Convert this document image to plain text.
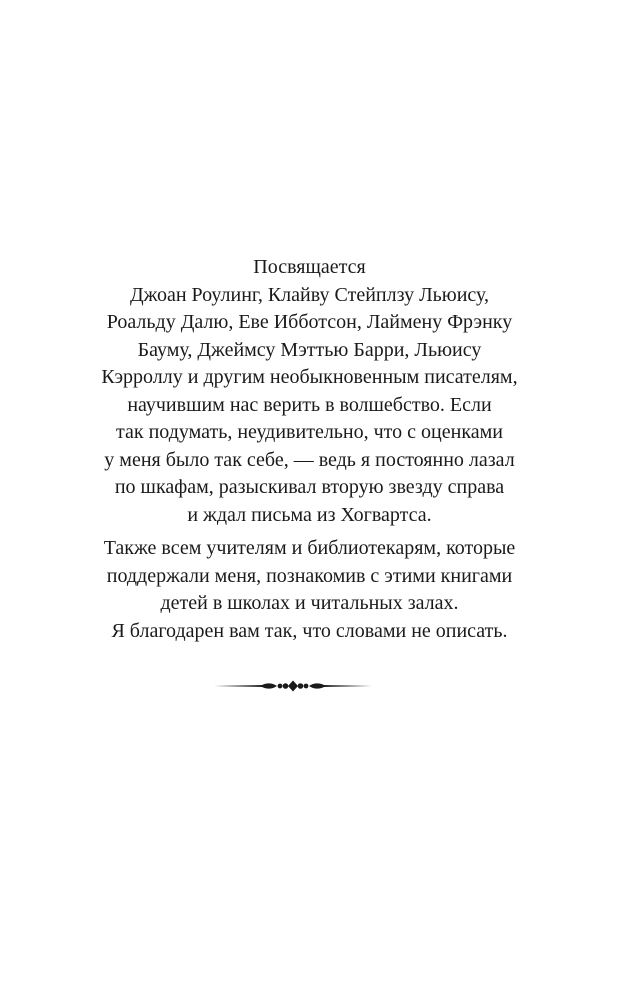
Посвящается
Джоан Роулинг, Клайву Стейплзу Льюису,
Роальду Далю, Еве Ибботсон, Лаймену Фрэнку
Бауму, Джеймсу Мэттью Барри, Льюису
Кэрроллу и другим необыкновенным писателям,
научившим нас верить в волшебство. Если
так подумать, неудивительно, что с оценками
у меня было так себе, — ведь я постоянно лазал
по шкафам, разыскивал вторую звезду справа
и ждал письма из Хогвартса.
Также всем учителям и библиотекарям, которые
поддержали меня, познакомив с этими книгами
детей в школах и читальных залах.
Я благодарен вам так, что словами не описать.
